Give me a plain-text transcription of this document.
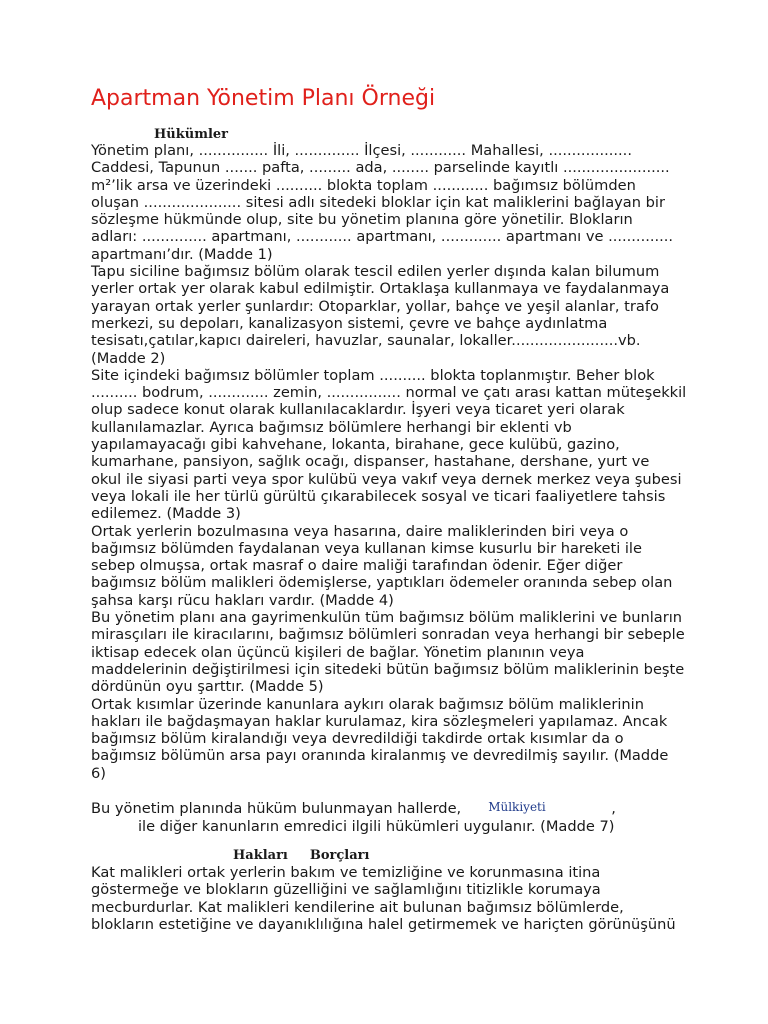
Apartman Yönetim Planı Örneği
Hükümler

Yönetim planı, ............... İli, .............. İlçesi, ............ Mahallesi, ..................
Caddesi, Tapunun ....... pafta, ......... ada, ........ parselinde kayıtlı .......................
m²’lik arsa ve üzerindeki .......... blokta toplam ............ bağımsız bölümden
oluşan ..................... sitesi adlı sitedeki bloklar için kat maliklerini bağlayan bir
sözleşme hükmünde olup, site bu yönetim planına göre yönetilir. Blokların
adları: .............. apartmanı, ............ apartmanı, ............. apartmanı ve ..............
apartmanı’dır. (Madde 1)

Tapu siciline bağımsız bölüm olarak tescil edilen yerler dışında kalan bilumum
yerler ortak yer olarak kabul edilmiştir. Ortaklaşa kullanmaya ve faydalanmaya
yarayan ortak yerler şunlardır: Otoparklar, yollar, bahçe ve yeşil alanlar, trafo
merkezi, su depoları, kanalizasyon sistemi, çevre ve bahçe aydınlatma
tesisatı,çatılar,kapıcı daireleri, havuzlar, saunalar, lokaller.......................vb.
(Madde 2)

Site içindeki bağımsız bölümler toplam .......... blokta toplanmıştır. Beher blok
.......... bodrum, ............. zemin, ................ normal ve çatı arası kattan müteşekkil
olup sadece konut olarak kullanılacaklardır. İşyeri veya ticaret yeri olarak
kullanılamazlar. Ayrıca bağımsız bölümlere herhangi bir eklenti vb
yapılamayacağı gibi kahvehane, lokanta, birahane, gece kulübü, gazino,
kumarhane, pansiyon, sağlık ocağı, dispanser, hastahane, dershane, yurt ve
okul ile siyasi parti veya spor kulübü veya vakıf veya dernek merkez veya şubesi
veya lokali ile her türlü gürültü çıkarabilecek sosyal ve ticari faaliyetlere tahsis
edilemez. (Madde 3)

Ortak yerlerin bozulmasına veya hasarına, daire maliklerinden biri veya o
bağımsız bölümden faydalanan veya kullanan kimse kusurlu bir hareketi ile
sebep olmuşsa, ortak masraf o daire maliği tarafından ödenir. Eğer diğer
bağımsız bölüm malikleri ödemişlerse, yaptıkları ödemeler oranında sebep olan
şahsa karşı rücu hakları vardır. (Madde 4)

Bu yönetim planı ana gayrimenkulün tüm bağımsız bölüm maliklerini ve bunların
mirasçıları ile kiracılarını, bağımsız bölümleri sonradan veya herhangi bir sebeple
iktisap edecek olan üçüncü kişileri de bağlar. Yönetim planının veya
maddelerinin değiştirilmesi için sitedeki bütün bağımsız bölüm maliklerinin beşte
dördünün oyu şarttır. (Madde 5)

Ortak kısımlar üzerinde kanunlara aykırı olarak bağımsız bölüm maliklerinin
hakları ile bağdaşmayan haklar kurulamaz, kira sözleşmeleri yapılamaz. Ancak
bağımsız bölüm kiralandığı veya devredildiği takdirde ortak kısımlar da o
bağımsız bölümün arsa payı oranında kiralanmış ve devredilmiş sayılır. (Madde
6)

Bu yönetim planında hüküm bulunmayan hallerde, Mülkiyeti	,
ile diğer kanunların emredici ilgili hükümleri uygulanır. (Madde 7)

Hakları Borçları

Kat malikleri ortak yerlerin bakım ve temizliğine ve korunmasına itina
göstermeğe ve blokların güzelliğini ve sağlamlığını titizlikle korumaya
mecburdurlar. Kat malikleri kendilerine ait bulunan bağımsız bölümlerde,
blokların estetiğine ve dayanıklılığına halel getirmemek ve hariçten görünüşünü
